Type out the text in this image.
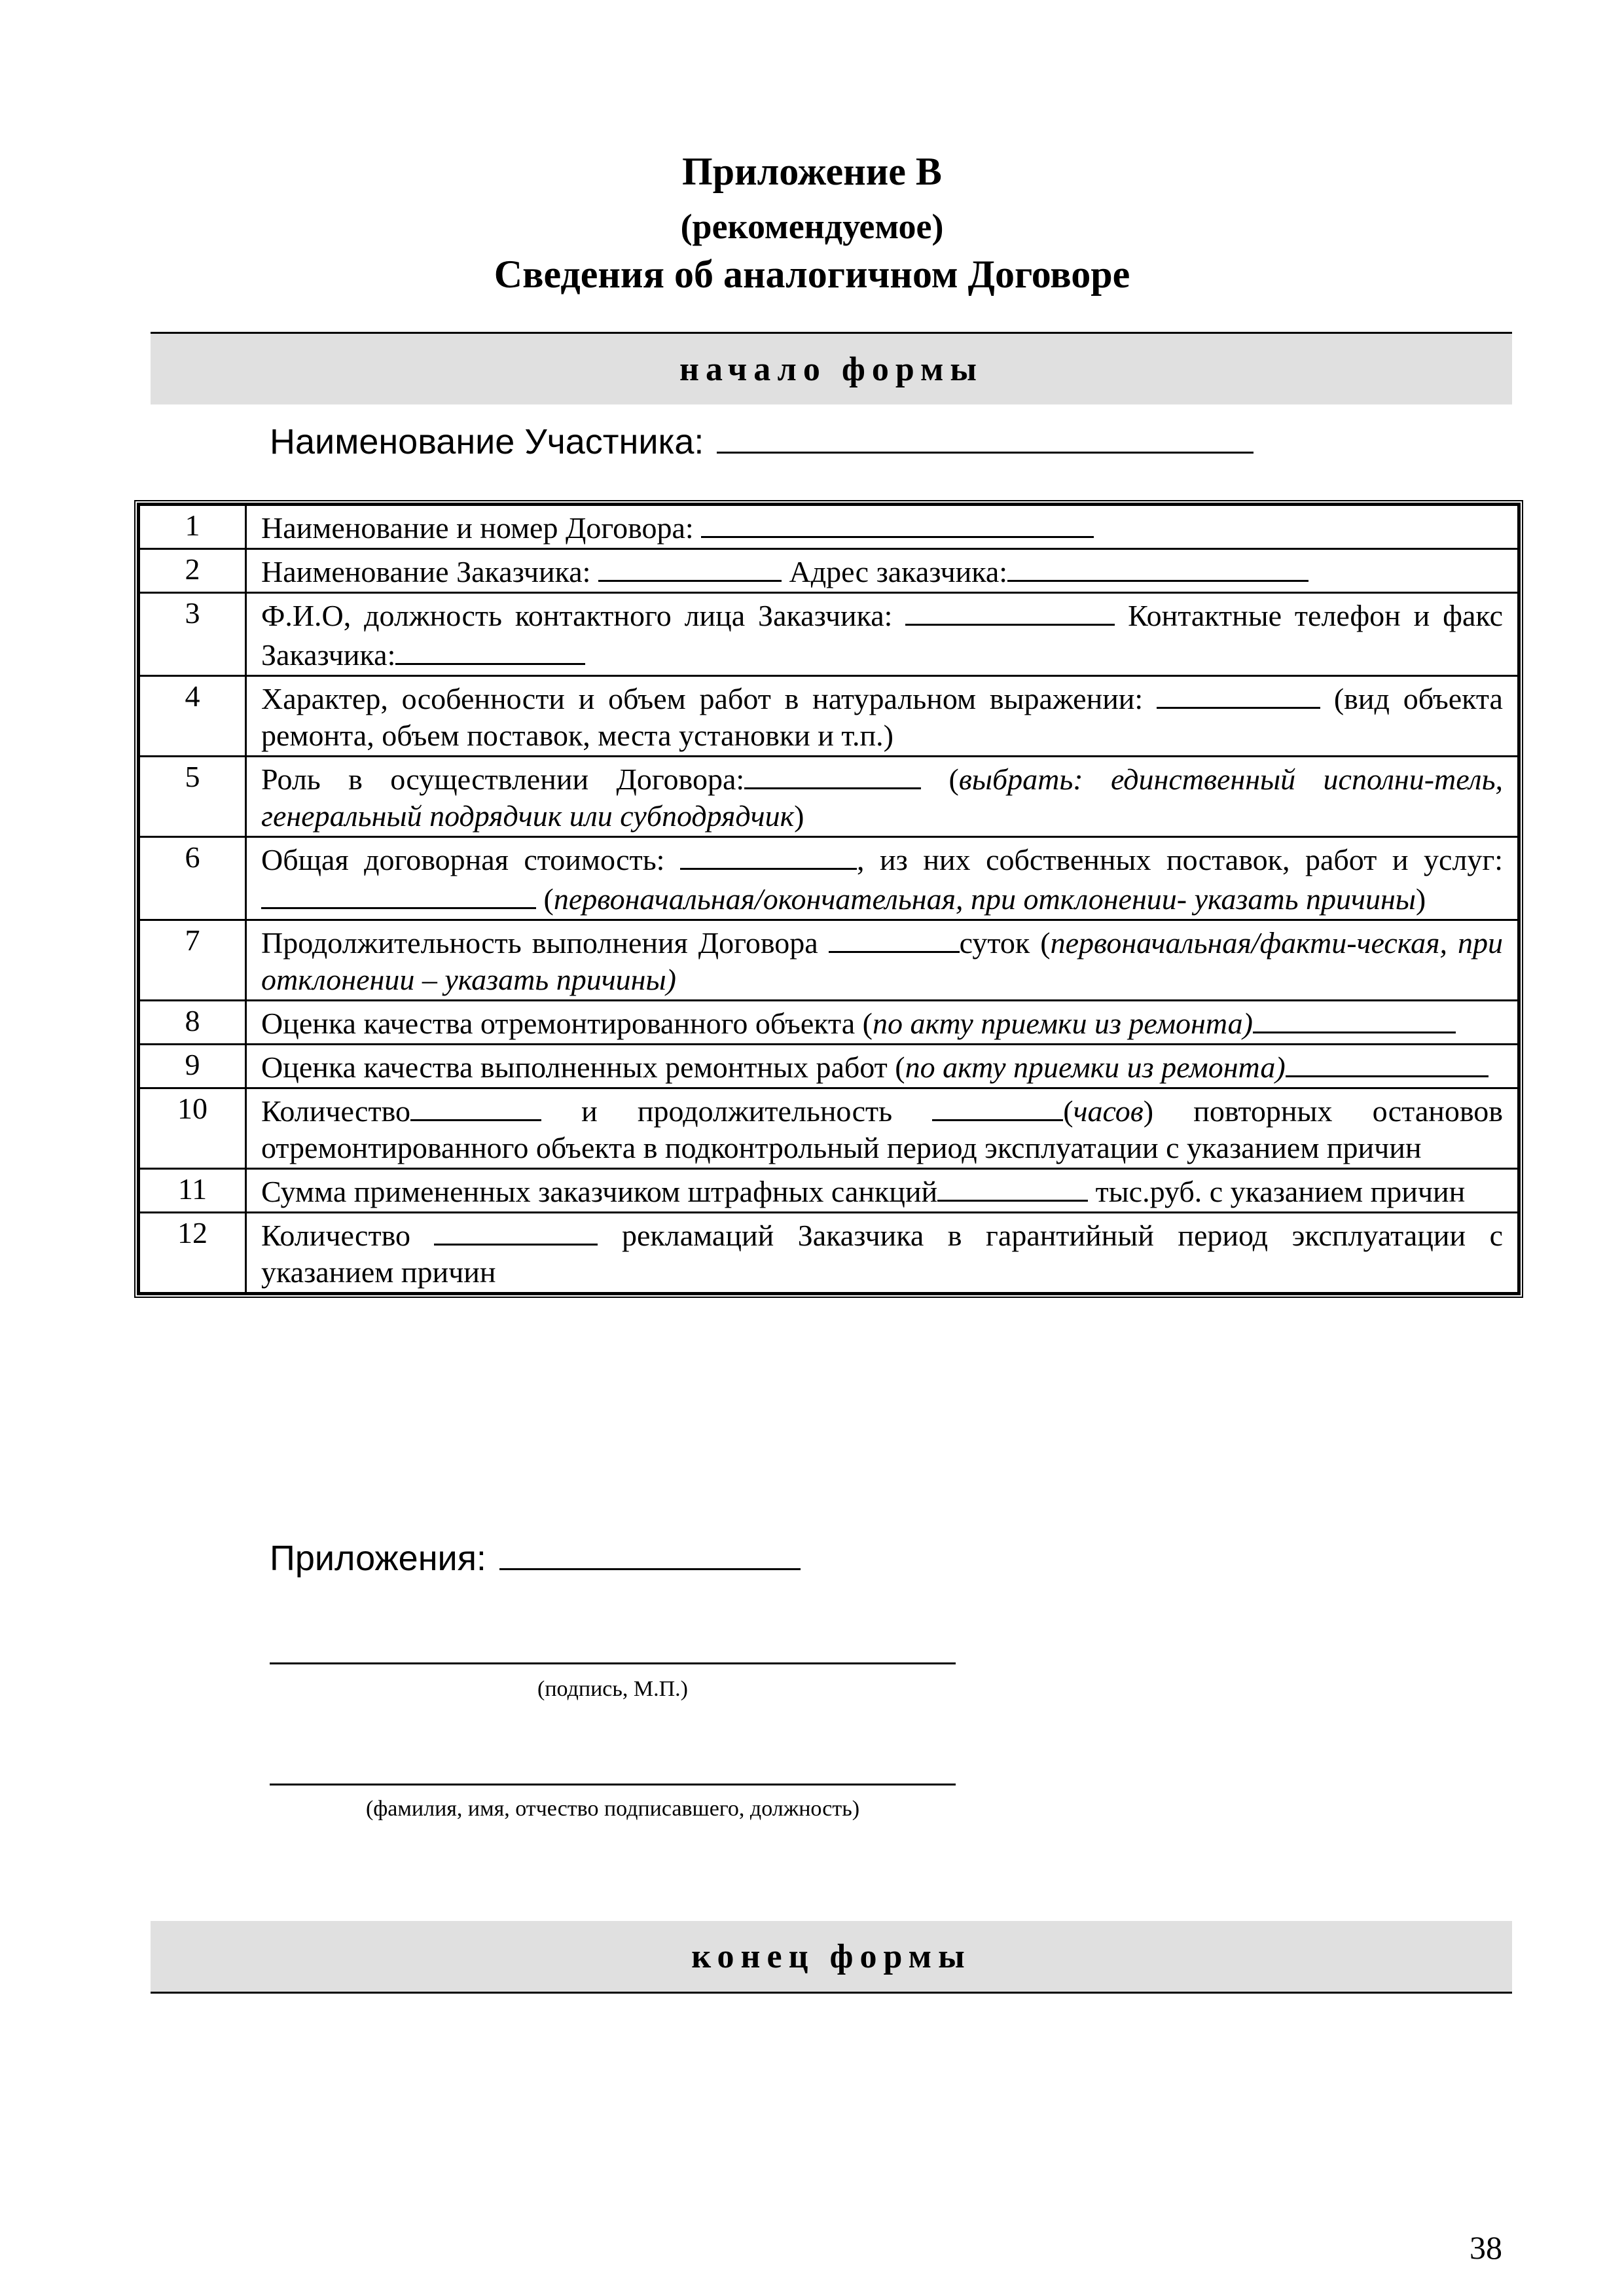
Приложение В
(рекомендуемое)
Сведения об аналогичном Договоре
начало формы
Наименование Участника:
1	Наименование и номер Договора:
2	Наименование Заказчика: Адрес заказчика:
3	Ф.И.О, должность контактного лица Заказчика: Контактные телефон и факс Заказчика:
4	Характер, особенности и объем работ в натуральном выражении: (вид объекта ремонта, объем поставок, места установки и т.п.)
5	Роль в осуществлении Договора: (выбрать: единственный исполни-тель, генеральный подрядчик или субподрядчик)
6	Общая договорная стоимость: , из них собственных поставок, работ и услуг: (первоначальная/окончательная, при отклонении- указать причины)
7	Продолжительность выполнения Договора суток (первоначальная/факти-ческая, при отклонении – указать причины)
8	Оценка качества отремонтированного объекта (по акту приемки из ремонта)
9	Оценка качества выполненных ремонтных работ (по акту приемки из ремонта)
10	Количество и продолжительность (часов) повторных остановов отремонтированного объекта в подконтрольный период эксплуатации с указанием причин
11	Сумма примененных заказчиком штрафных санкций тыс.руб. с указанием причин
12	Количество рекламаций Заказчика в гарантийный период эксплуатации с указанием причин
Приложения:
(подпись, М.П.)
(фамилия, имя, отчество подписавшего, должность)
конец формы
38
